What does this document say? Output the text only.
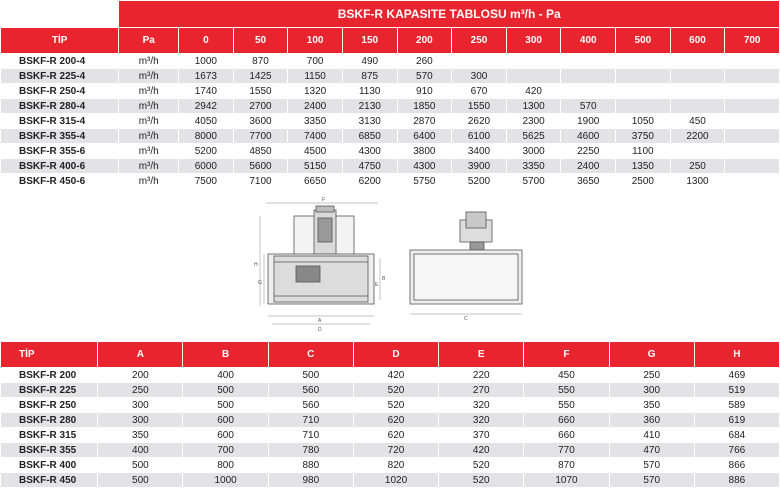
	BSKF-R KAPASITE TABLOSU m³/h - Pa											
TİP	Pa	0	50	100	150	200	250	300	400	500	600	700
BSKF-R 200-4	m³/h	1000	870	700	490	260						
BSKF-R 225-4	m³/h	1673	1425	1150	875	570	300					
BSKF-R 250-4	m³/h	1740	1550	1320	1130	910	670	420				
BSKF-R 280-4	m³/h	2942	2700	2400	2130	1850	1550	1300	570			
BSKF-R 315-4	m³/h	4050	3600	3350	3130	2870	2620	2300	1900	1050	450	
BSKF-R 355-4	m³/h	8000	7700	7400	6850	6400	6100	5625	4600	3750	2200	
BSKF-R 355-6	m³/h	5200	4850	4500	4300	3800	3400	3000	2250	1100		
BSKF-R 400-6	m³/h	6000	5600	5150	4750	4300	3900	3350	2400	1350	250	
BSKF-R 450-6	m³/h	7500	7100	6650	6200	5750	5200	5700	3650	2500	1300	
F
H
G
B
E
A
D
C
TİP	A	B	C	D	E	F	G	H
BSKF-R 200	200	400	500	420	220	450	250	469
BSKF-R 225	250	500	560	520	270	550	300	519
BSKF-R 250	300	500	560	520	320	550	350	589
BSKF-R 280	300	600	710	620	320	660	360	619
BSKF-R 315	350	600	710	620	370	660	410	684
BSKF-R 355	400	700	780	720	420	770	470	766
BSKF-R 400	500	800	880	820	520	870	570	866
BSKF-R 450	500	1000	980	1020	520	1070	570	886
